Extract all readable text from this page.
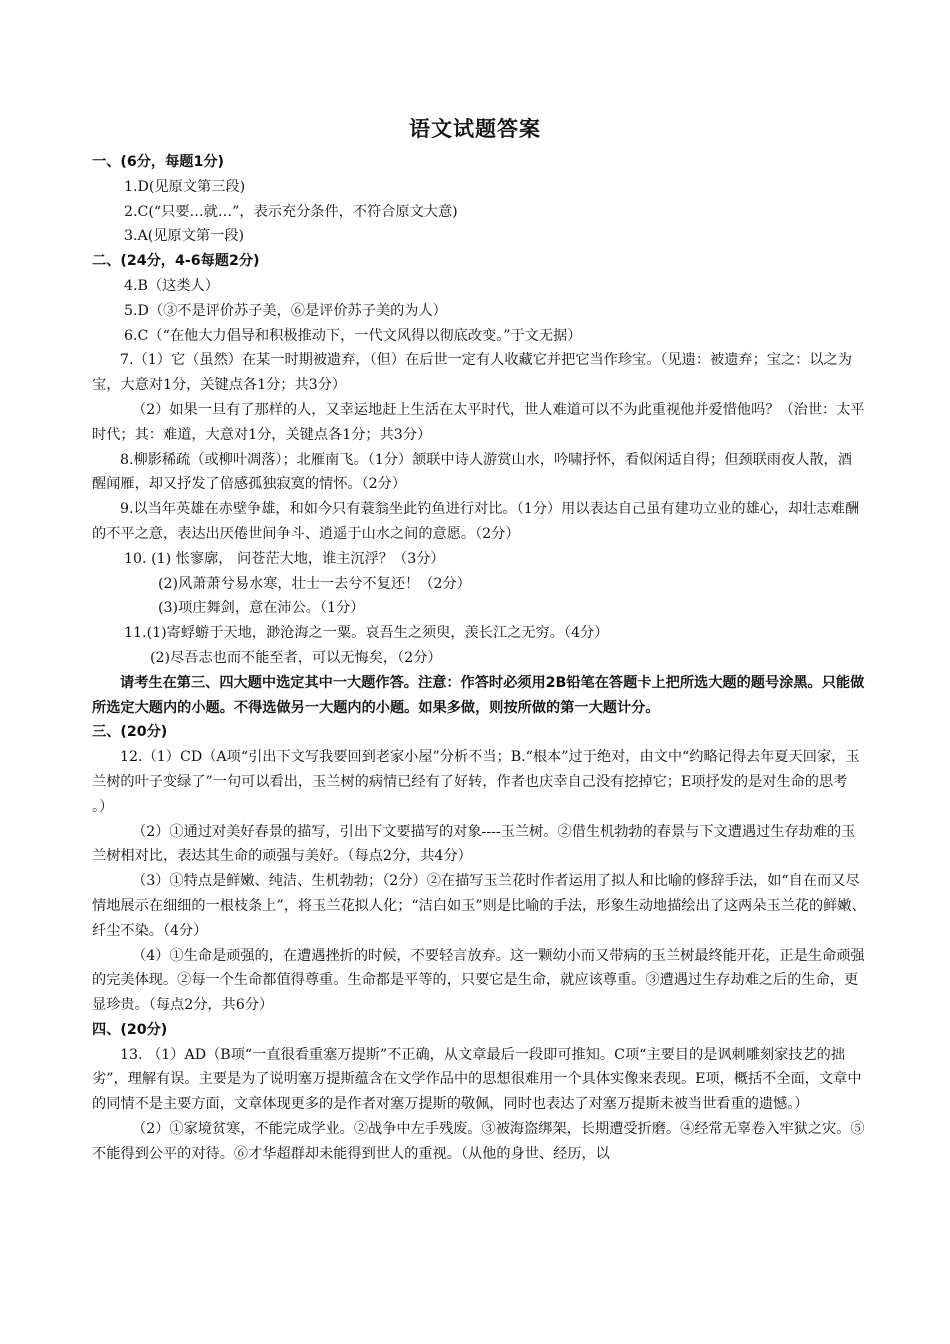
语文试题答案

一、(6分，每题1分)

1.D(见原文第三段)

2.C(“只要…就…”，表示充分条件，不符合原文大意)

3.A(见原文第一段)

二、(24分，4-6每题2分)

4.B（这类人）

5.D（③不是评价苏子美，⑥是评价苏子美的为人）

6.C（“在他大力倡导和积极推动下，一代文风得以彻底改变。”于文无据）

7.（1）它（虽然）在某一时期被遗弃，（但）在后世一定有人收藏它并把它当作珍宝。（见遗：被遗弃；宝之：以之为宝，大意对1分，关键点各1分；共3分）

（2）如果一旦有了那样的人，又幸运地赶上生活在太平时代，世人难道可以不为此重视他并爱惜他吗？（治世：太平时代；其：难道，大意对1分，关键点各1分；共3分）

8.柳影稀疏（或柳叶凋落）；北雁南飞。（1分）颔联中诗人游赏山水，吟啸抒怀，看似闲适自得；但颈联雨夜人散，酒醒闻雁，却又抒发了倍感孤独寂寞的情怀。（2分）

9.以当年英雄在赤壁争雄，和如今只有蓑翁坐此钓鱼进行对比。（1分）用以表达自己虽有建功立业的雄心，却壮志难酬的不平之意，表达出厌倦世间争斗、逍遥于山水之间的意愿。（2分）

10. (1) 怅寥廓， 问苍茫大地，谁主沉浮？（3分）

(2)风萧萧兮易水寒，壮士一去兮不复还！（2分）

(3)项庄舞剑，意在沛公。（1分）

11.(1)寄蜉蝣于天地，渺沧海之一粟。哀吾生之须臾，羡长江之无穷。（4分）

(2)尽吾志也而不能至者，可以无悔矣，（2分）

请考生在第三、四大题中选定其中一大题作答。注意：作答时必须用2B铅笔在答题卡上把所选大题的题号涂黑。只能做所选定大题内的小题。不得选做另一大题内的小题。如果多做，则按所做的第一大题计分。

三、(20分)

12.（1）CD（A项“引出下文写我要回到老家小屋”分析不当；B.“根本”过于绝对，由文中“约略记得去年夏天回家，玉兰树的叶子变绿了”一句可以看出，玉兰树的病情已经有了好转，作者也庆幸自己没有挖掉它；E项抒发的是对生命的思考 。）

（2）①通过对美好春景的描写，引出下文要描写的对象----玉兰树。②借生机勃勃的春景与下文遭遇过生存劫难的玉兰树相对比，表达其生命的顽强与美好。（每点2分，共4分）

（3）①特点是鲜嫩、纯洁、生机勃勃；（2分）②在描写玉兰花时作者运用了拟人和比喻的修辞手法，如“自在而又尽情地展示在细细的一根枝条上”，将玉兰花拟人化；“洁白如玉”则是比喻的手法，形象生动地描绘出了这两朵玉兰花的鲜嫩、纤尘不染。（4分）

（4）①生命是顽强的，在遭遇挫折的时候，不要轻言放弃。这一颗幼小而又带病的玉兰树最终能开花，正是生命顽强的完美体现。②每一个生命都值得尊重。生命都是平等的，只要它是生命，就应该尊重。③遭遇过生存劫难之后的生命，更显珍贵。（每点2分，共6分）

四、(20分)

13. （1）AD（B项“一直很看重塞万提斯”不正确，从文章最后一段即可推知。C项“主要目的是讽刺雕刻家技艺的拙劣”，理解有误。主要是为了说明塞万提斯蕴含在文学作品中的思想很难用一个具体实像来表现。E项，概括不全面，文章中的同情不是主要方面，文章体现更多的是作者对塞万提斯的敬佩，同时也表达了对塞万提斯未被当世看重的遗憾。）

（2）①家境贫寒，不能完成学业。②战争中左手残废。③被海盗绑架，长期遭受折磨。④经常无辜卷入牢狱之灾。⑤不能得到公平的对待。⑥才华超群却未能得到世人的重视。（从他的身世、经历，以
